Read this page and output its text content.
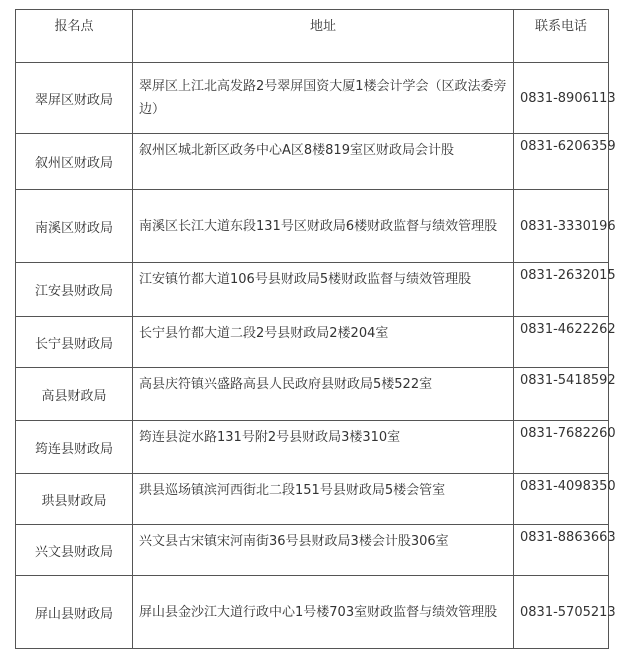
报名点	地址	联系电话
翠屏区财政局	翠屏区上江北高发路2号翠屏国资大厦1楼会计学会（区政法委旁边）	0831-8906113
叙州区财政局	叙州区城北新区政务中心A区8楼819室区财政局会计股	0831-6206359
南溪区财政局	南溪区长江大道东段131号区财政局6楼财政监督与绩效管理股	0831-3330196
江安县财政局	江安镇竹都大道106号县财政局5楼财政监督与绩效管理股	0831-2632015
长宁县财政局	长宁县竹都大道二段2号县财政局2楼204室	0831-4622262
高县财政局	高县庆符镇兴盛路高县人民政府县财政局5楼522室	0831-5418592
筠连县财政局	筠连县淀水路131号附2号县财政局3楼310室	0831-7682260
珙县财政局	珙县巡场镇滨河西街北二段151号县财政局5楼会管室	0831-4098350
兴文县财政局	兴文县古宋镇宋河南街36号县财政局3楼会计股306室	0831-8863663
屏山县财政局	屏山县金沙江大道行政中心1号楼703室财政监督与绩效管理股	0831-5705213
